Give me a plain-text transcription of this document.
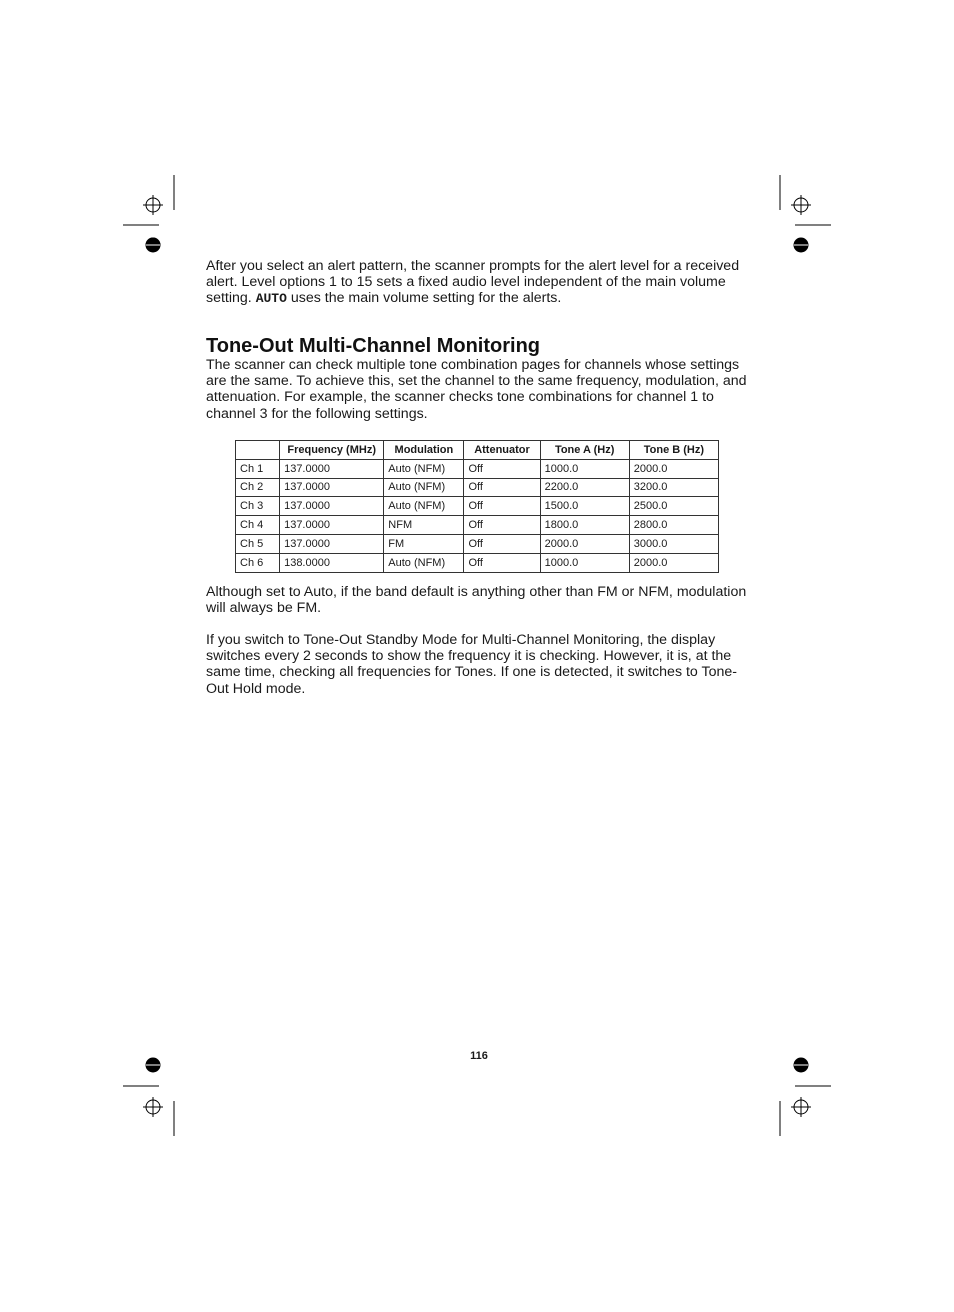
After you select an alert pattern, the scanner prompts for the alert level for a received alert. Level options 1 to 15 sets a fixed audio level independent of the main volume setting. AUTO uses the main volume setting for the alerts.

Tone-Out Multi-Channel Monitoring

The scanner can check multiple tone combination pages for channels whose settings are the same. To achieve this, set the channel to the same frequency, modulation, and attenuation. For example, the scanner checks tone combinations for channel 1 to channel 3 for the following settings.

	Frequency (MHz)	Modulation	Attenuator	Tone A (Hz)	Tone B (Hz)
Ch 1	137.0000	Auto (NFM)	Off	1000.0	2000.0
Ch 2	137.0000	Auto (NFM)	Off	2200.0	3200.0
Ch 3	137.0000	Auto (NFM)	Off	1500.0	2500.0
Ch 4	137.0000	NFM	Off	1800.0	2800.0
Ch 5	137.0000	FM	Off	2000.0	3000.0
Ch 6	138.0000	Auto (NFM)	Off	1000.0	2000.0

Although set to Auto, if the band default is anything other than FM or NFM, modulation will always be FM.

If you switch to Tone-Out Standby Mode for Multi-Channel Monitoring, the display switches every 2 seconds to show the frequency it is checking. However, it is, at the same time, checking all frequencies for Tones. If one is detected, it switches to Tone-Out Hold mode.

116
